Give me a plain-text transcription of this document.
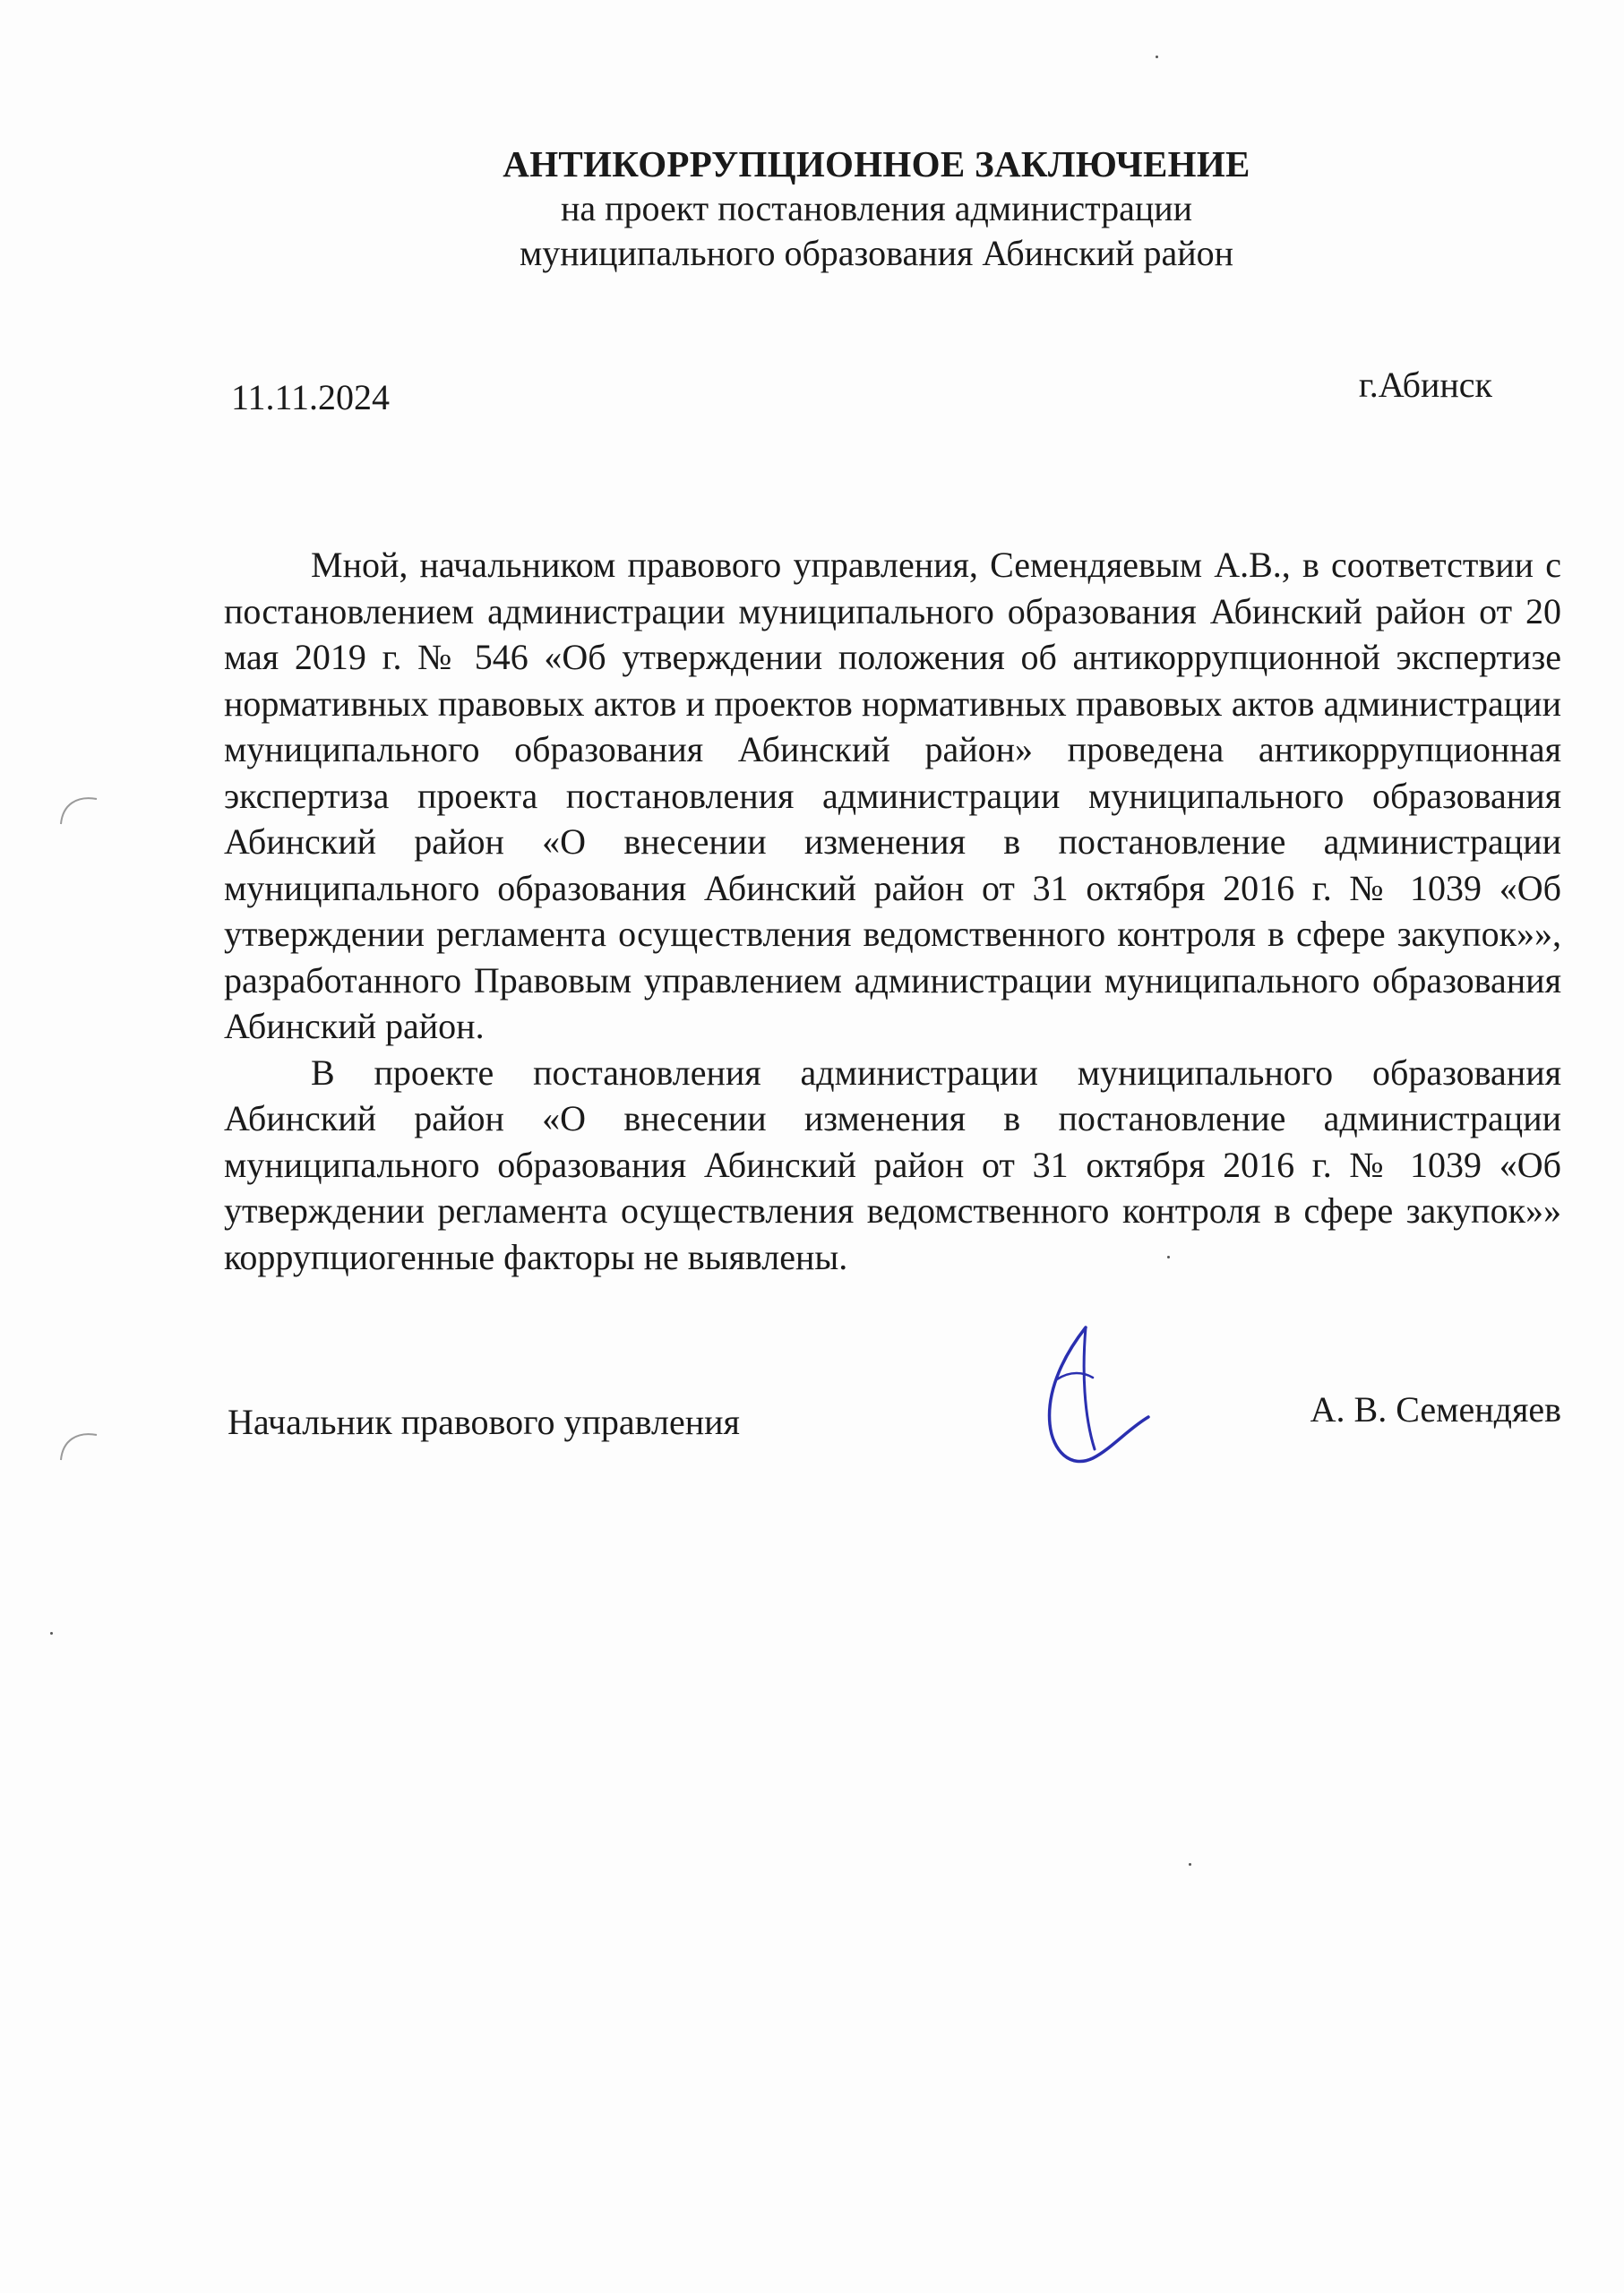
АНТИКОРРУПЦИОННОЕ ЗАКЛЮЧЕНИЕ
на проект постановления администрации
муниципального образования Абинский район
11.11.2024	г.Абинск

Мной, начальником правового управления, Семендяевым А.В., в соответствии с постановлением администрации муниципального образования Абинский район от 20 мая 2019 г. № 546 «Об утверждении положения об антикоррупционной экспертизе нормативных правовых актов и проектов нормативных правовых актов администрации муниципального образования Абинский район» проведена антикоррупционная экспертиза проекта постановления администрации муниципального образования Абинский район «О внесении изменения в постановление администрации муниципального образования Абинский район от 31 октября 2016 г. № 1039 «Об утверждении регламента осуществления ведомственного контроля в сфере закупок»», разработанного Правовым управлением администрации муниципального образования Абинский район.

В проекте постановления администрации муниципального образования Абинский район «О внесении изменения в постановление администрации муниципального образования Абинский район от 31 октября 2016 г. № 1039 «Об утверждении регламента осуществления ведомственного контроля в сфере закупок»» коррупциогенные факторы не выявлены.

Начальник правового управления	А. В. Семендяев
